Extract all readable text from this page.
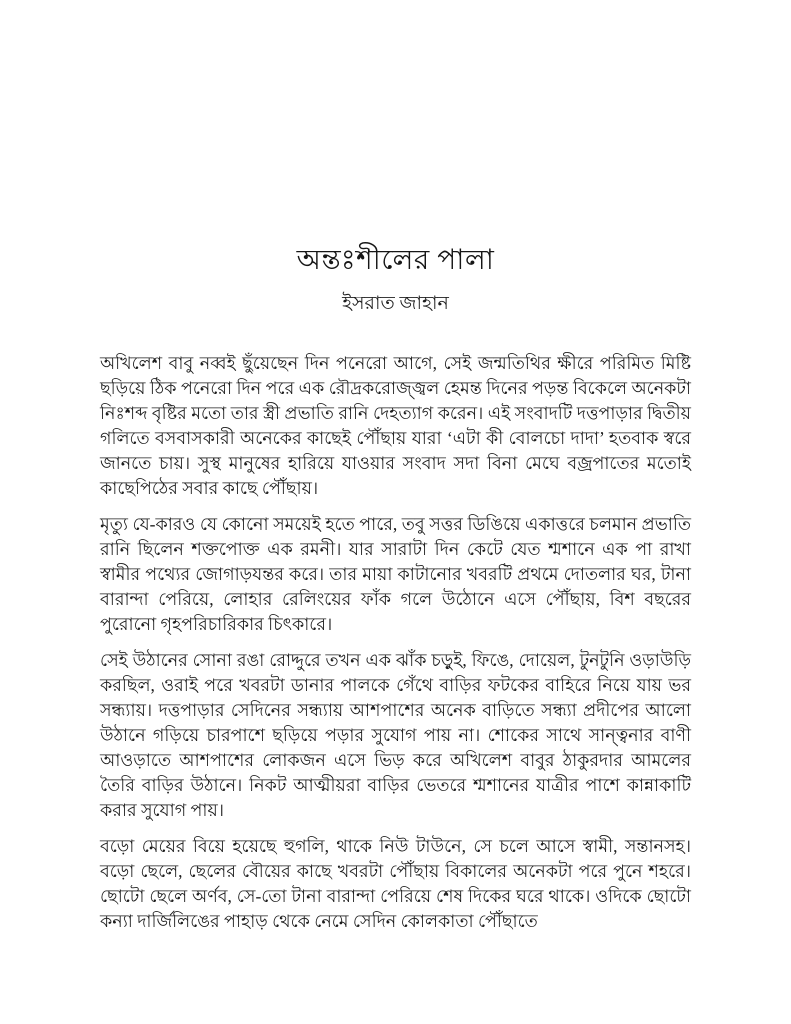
অন্তঃশীলের পালা
ইসরাত জাহান

অখিলেশ বাবু নব্বই ছুঁয়েছেন দিন পনেরো আগে, সেই জন্মতিথির ক্ষীরে পরিমিত মিষ্টি ছড়িয়ে ঠিক পনেরো দিন পরে এক রৌদ্রকরোজ্জ্বল হেমন্ত দিনের পড়ন্ত বিকেলে অনেকটা নিঃশব্দ বৃষ্টির মতো তার স্ত্রী প্রভাতি রানি দেহত্যাগ করেন। এই সংবাদটি দত্তপাড়ার দ্বিতীয় গলিতে বসবাসকারী অনেকের কাছেই পৌঁছায় যারা ‘এটা কী বোলচো দাদা’ হতবাক স্বরে জানতে চায়। সুস্থ মানুষের হারিয়ে যাওয়ার সংবাদ সদা বিনা মেঘে বজ্রপাতের মতোই কাছেপিঠের সবার কাছে পৌঁছায়।

মৃত্যু যে-কারও যে কোনো সময়েই হতে পারে, তবু সত্তর ডিঙিয়ে একাত্তরে চলমান প্রভাতি রানি ছিলেন শক্তপোক্ত এক রমনী। যার সারাটা দিন কেটে যেত শ্মশানে এক পা রাখা স্বামীর পথ্যের জোগাড়যন্তর করে। তার মায়া কাটানোর খবরটি প্রথমে দোতলার ঘর, টানা বারান্দা পেরিয়ে, লোহার রেলিংয়ের ফাঁক গলে উঠোনে এসে পৌঁছায়, বিশ বছরের পুরোনো গৃহপরিচারিকার চিৎকারে।

সেই উঠানের সোনা রঙা রোদ্দুরে তখন এক ঝাঁক চড়ুই, ফিঙে, দোয়েল, টুনটুনি ওড়াউড়ি করছিল, ওরাই পরে খবরটা ডানার পালকে গেঁথে বাড়ির ফটকের বাহিরে নিয়ে যায় ভর সন্ধ্যায়। দত্তপাড়ার সেদিনের সন্ধ্যায় আশপাশের অনেক বাড়িতে সন্ধ্যা প্রদীপের আলো উঠানে গড়িয়ে চারপাশে ছড়িয়ে পড়ার সুযোগ পায় না। শোকের সাথে সান্ত্বনার বাণী আওড়াতে আশপাশের লোকজন এসে ভিড় করে অখিলেশ বাবুর ঠাকুরদার আমলের তৈরি বাড়ির উঠানে। নিকট আত্মীয়রা বাড়ির ভেতরে শ্মশানের যাত্রীর পাশে কান্নাকাটি করার সুযোগ পায়।

বড়ো মেয়ের বিয়ে হয়েছে হুগলি, থাকে নিউ টাউনে, সে চলে আসে স্বামী, সন্তানসহ। বড়ো ছেলে, ছেলের বৌয়ের কাছে খবরটা পৌঁছায় বিকালের অনেকটা পরে পুনে শহরে। ছোটো ছেলে অর্ণব, সে-তো টানা বারান্দা পেরিয়ে শেষ দিকের ঘরে থাকে। ওদিকে ছোটো কন্যা দার্জিলিঙের পাহাড় থেকে নেমে সেদিন কোলকাতা পৌঁছাতে
